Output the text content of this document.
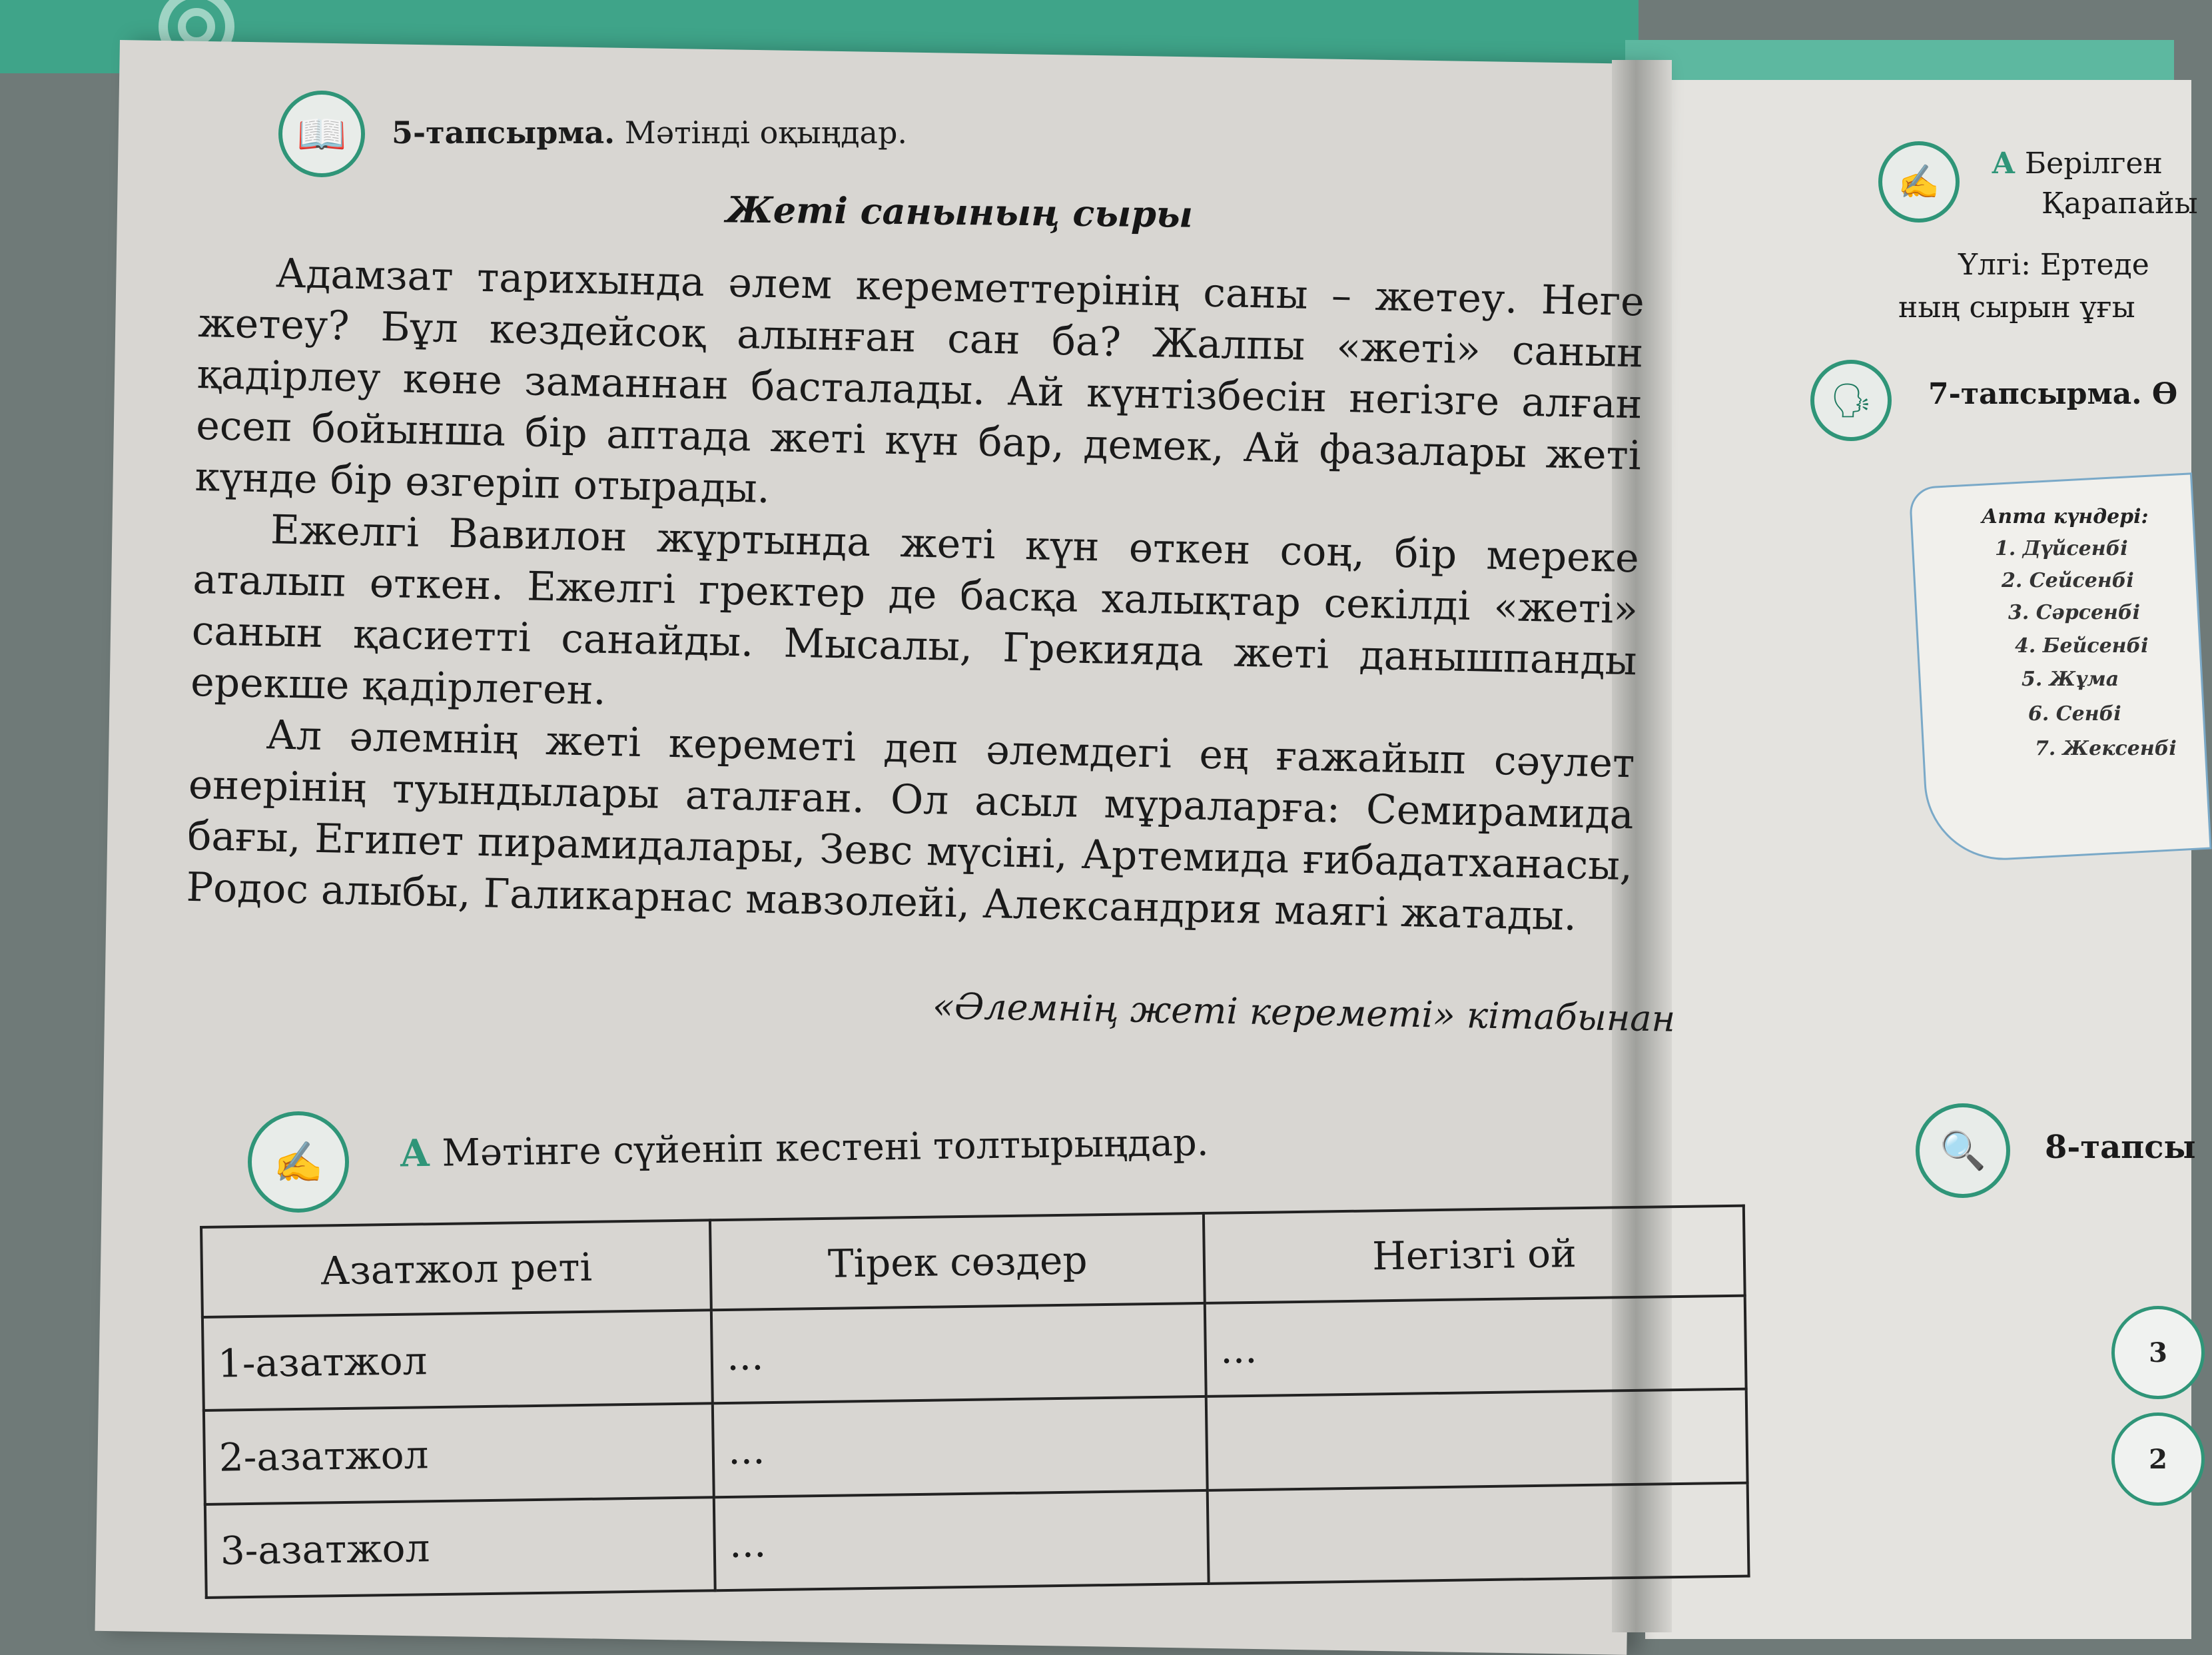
📖	5-тапсырма. Мәтінді оқыңдар.
Жеті санының сыры

Адамзат тарихында әлем кереметтерінің саны – жетеу. Неге жетеу? Бұл кездейсоқ алынған сан ба? Жалпы «жеті» санын қадірлеу көне заманнан басталады. Ай күнтізбесін негізге алған есеп бойынша бір аптада жеті күн бар, демек, Ай фазалары жеті күнде бір өзгеріп отырады.

Ежелгі Вавилон жұртында жеті күн өткен соң, бір мереке аталып өткен. Ежелгі гректер де басқа халықтар секілді «жеті» санын қасиетті санайды. Мысалы, Грекияда жеті данышпанды ерекше қадірлеген.

Ал әлемнің жеті кереметі деп әлемдегі ең ғажайып сәулет өнерінің туындылары аталған. Ол асыл мұраларға: Семирамида бағы, Египет пирамидалары, Зевс мүсіні, Артемида ғибадатханасы, Родос алыбы, Галикарнас мавзолейі, Александрия маягі жатады.

«Әлемнің жеті кереметі» кітабынан
✍	А Мәтінге сүйеніп кестені толтырыңдар.
Азатжол реті	Тірек сөздер	Негізгі ой
1-азатжол	...	...
2-азатжол	...	
3-азатжол	...	
✍	А Берілген
Қарапайы
Үлгі: Ертеде
ның сырын ұғы
🗣	7-тапсырма. Ө
Апта күндері:
1. Дүйсенбі
2. Сейсенбі
3. Сәрсенбі
4. Бейсенбі
5. Жұма
6. Сенбі
7. Жексенбі
🔍	8-тапсы
3
2
